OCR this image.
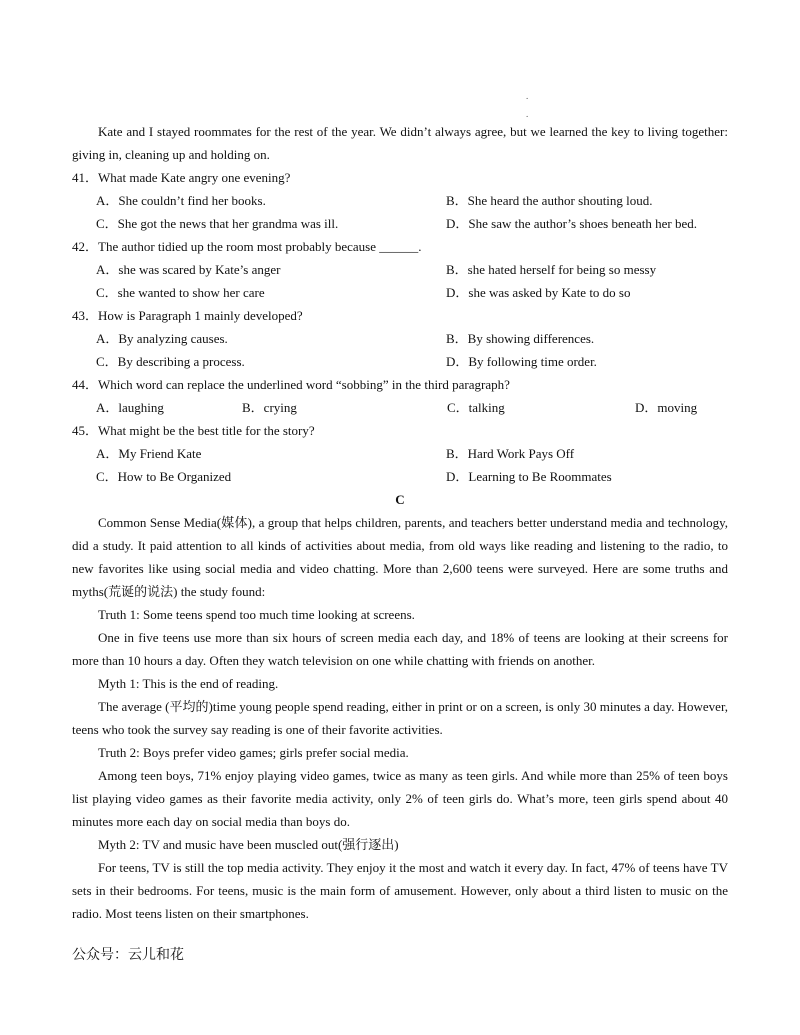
.

.

Kate and I stayed roommates for the rest of the year. We didn’t always agree, but we learned the key to living together: giving in, cleaning up and holding on.

41．What made Kate angry one evening?

A．She couldn’t find her books.	B．She heard the author shouting loud.
C．She got the news that her grandma was ill.	D．She saw the author’s shoes beneath her bed.

42．The author tidied up the room most probably because ______.

A．she was scared by Kate’s anger	B．she hated herself for being so messy
C．she wanted to show her care	D．she was asked by Kate to do so

43．How is Paragraph 1 mainly developed?

A．By analyzing causes.	B．By showing differences.
C．By describing a process.	D．By following time order.

44．Which word can replace the underlined word “sobbing” in the third paragraph?

A．laughing	B．crying	C．talking	D．moving

45．What might be the best title for the story?

A．My Friend Kate	B．Hard Work Pays Off
C．How to Be Organized	D．Learning to Be Roommates

C

Common Sense Media(媒体), a group that helps children, parents, and teachers better understand media and technology, did a study. It paid attention to all kinds of activities about media, from old ways like reading and listening to the radio, to new favorites like using social media and video chatting. More than 2,600 teens were surveyed. Here are some truths and myths(荒诞的说法) the study found:

Truth 1: Some teens spend too much time looking at screens.

One in five teens use more than six hours of screen media each day, and 18% of teens are looking at their screens for more than 10 hours a day. Often they watch television on one while chatting with friends on another.

Myth 1: This is the end of reading.

The average (平均的)time young people spend reading, either in print or on a screen, is only 30 minutes a day. However, teens who took the survey say reading is one of their favorite activities.

Truth 2: Boys prefer video games; girls prefer social media.

Among teen boys, 71% enjoy playing video games, twice as many as teen girls. And while more than 25% of teen boys list playing video games as their favorite media activity, only 2% of teen girls do. What’s more, teen girls spend about 40 minutes more each day on social media than boys do.

Myth 2: TV and music have been muscled out(强行逐出)

For teens, TV is still the top media activity. They enjoy it the most and watch it every day. In fact, 47% of teens have TV sets in their bedrooms. For teens, music is the main form of amusement. However, only about a third listen to music on the radio. Most teens listen on their smartphones.

公众号：云儿和花
